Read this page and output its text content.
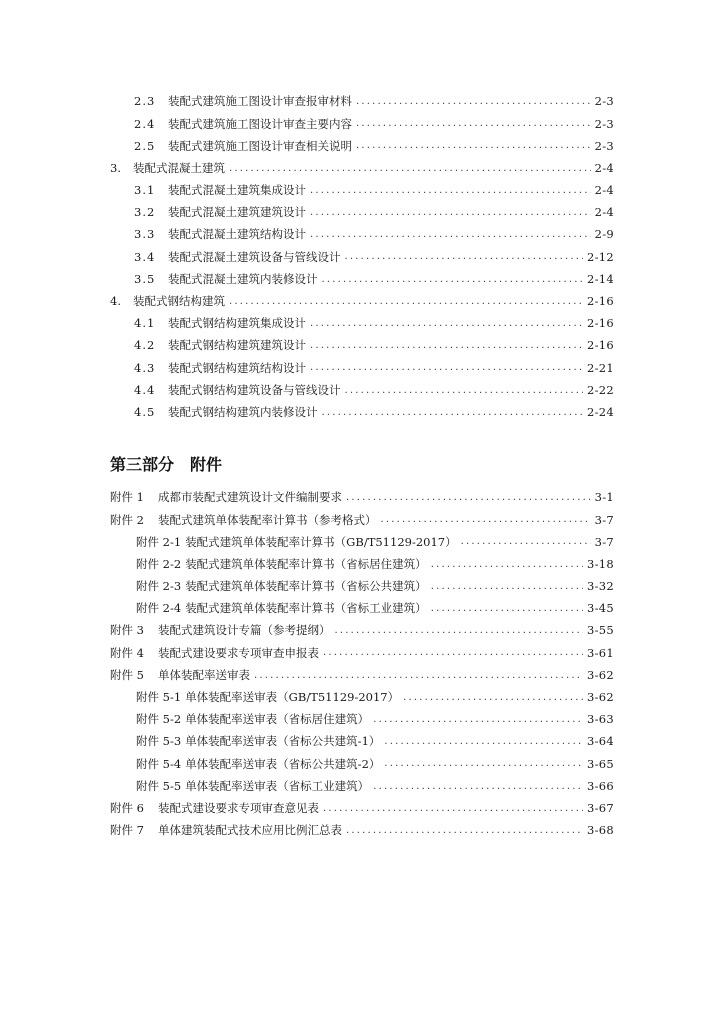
2.3	装配式建筑施工图设计审查报审材料 .....	2-3
2.4	装配式建筑施工图设计审查主要内容 .....	2-3
2.5	装配式建筑施工图设计审查相关说明 .....	2-3
3. 装配式混凝土建筑 .....	2-4
3.1	装配式混凝土建筑集成设计 .....	2-4
3.2	装配式混凝土建筑建筑设计 .....	2-4
3.3	装配式混凝土建筑结构设计 .....	2-9
3.4	装配式混凝土建筑设备与管线设计 .....	2-12
3.5	装配式混凝土建筑内装修设计 .....	2-14
4. 装配式钢结构建筑 .....	2-16
4.1	装配式钢结构建筑集成设计 .....	2-16
4.2	装配式钢结构建筑建筑设计 .....	2-16
4.3	装配式钢结构建筑结构设计 .....	2-21
4.4	装配式钢结构建筑设备与管线设计 .....	2-22
4.5	装配式钢结构建筑内装修设计 .....	2-24
第三部分　附件
附件 1	成都市装配式建筑设计文件编制要求 .....	3-1
附件 2	装配式建筑单体装配率计算书（参考格式） .....	3-7
附件 2-1 装配式建筑单体装配率计算书（GB/T51129-2017） .....	3-7
附件 2-2 装配式建筑单体装配率计算书（省标居住建筑） .....	3-18
附件 2-3 装配式建筑单体装配率计算书（省标公共建筑） .....	3-32
附件 2-4 装配式建筑单体装配率计算书（省标工业建筑） .....	3-45
附件 3	装配式建筑设计专篇（参考提纲） .....	3-55
附件 4	装配式建设要求专项审查申报表 .....	3-61
附件 5	单体装配率送审表 .....	3-62
附件 5-1 单体装配率送审表（GB/T51129-2017） .....	3-62
附件 5-2 单体装配率送审表（省标居住建筑） .....	3-63
附件 5-3 单体装配率送审表（省标公共建筑-1） .....	3-64
附件 5-4 单体装配率送审表（省标公共建筑-2） .....	3-65
附件 5-5 单体装配率送审表（省标工业建筑） .....	3-66
附件 6	装配式建设要求专项审查意见表 .....	3-67
附件 7	单体建筑装配式技术应用比例汇总表 .....	3-68
